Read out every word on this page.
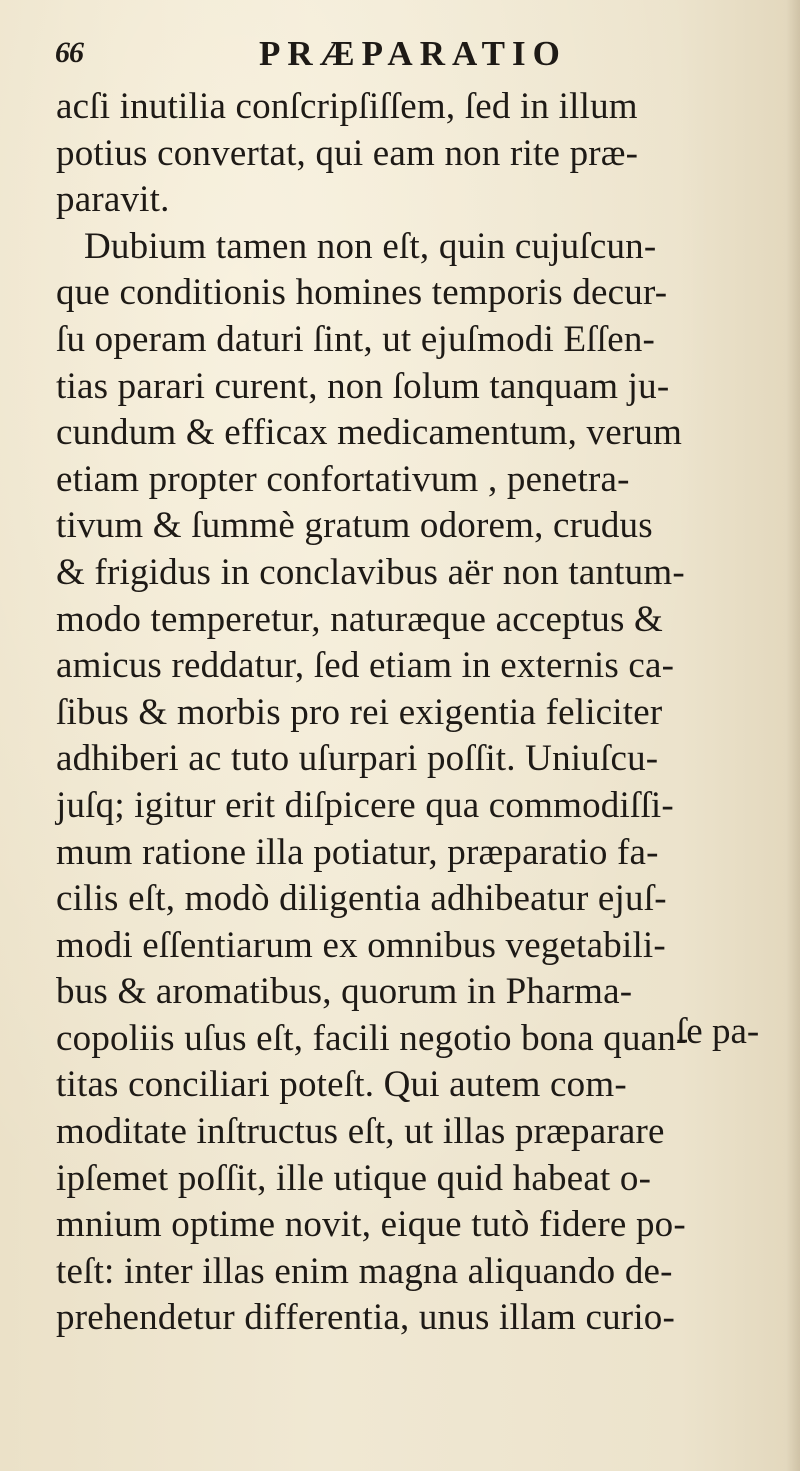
66	PRÆPARATIO
acſi inutilia conſcripſiſſem, ſed in illum
potius convertat, qui eam non rite præ-
paravit.
Dubium tamen non eſt, quin cujuſcun-
que conditionis homines temporis decur-
ſu operam daturi ſint, ut ejuſmodi Eſſen-
tias parari curent, non ſolum tanquam ju-
cundum & efficax medicamentum, verum
etiam propter confortativum , penetra-
tivum & ſummè gratum odorem, crudus
& frigidus in conclavibus aër non tantum-
modo temperetur, naturæque acceptus &
amicus reddatur, ſed etiam in externis ca-
ſibus & morbis pro rei exigentia feliciter
adhiberi ac tuto uſurpari poſſit. Uniuſcu-
juſq; igitur erit diſpicere qua commodiſſi-
mum ratione illa potiatur, præparatio fa-
cilis eſt, modò diligentia adhibeatur ejuſ-
modi eſſentiarum ex omnibus vegetabili-
bus & aromatibus, quorum in Pharma-
copoliis uſus eſt, facili negotio bona quan-
titas conciliari poteſt. Qui autem com-
moditate inſtructus eſt, ut illas præparare
ipſemet poſſit, ille utique quid habeat o-
mnium optime novit, eique tutò fidere po-
teſt: inter illas enim magna aliquando de-
prehendetur differentia, unus illam curio-
ſe pa-
